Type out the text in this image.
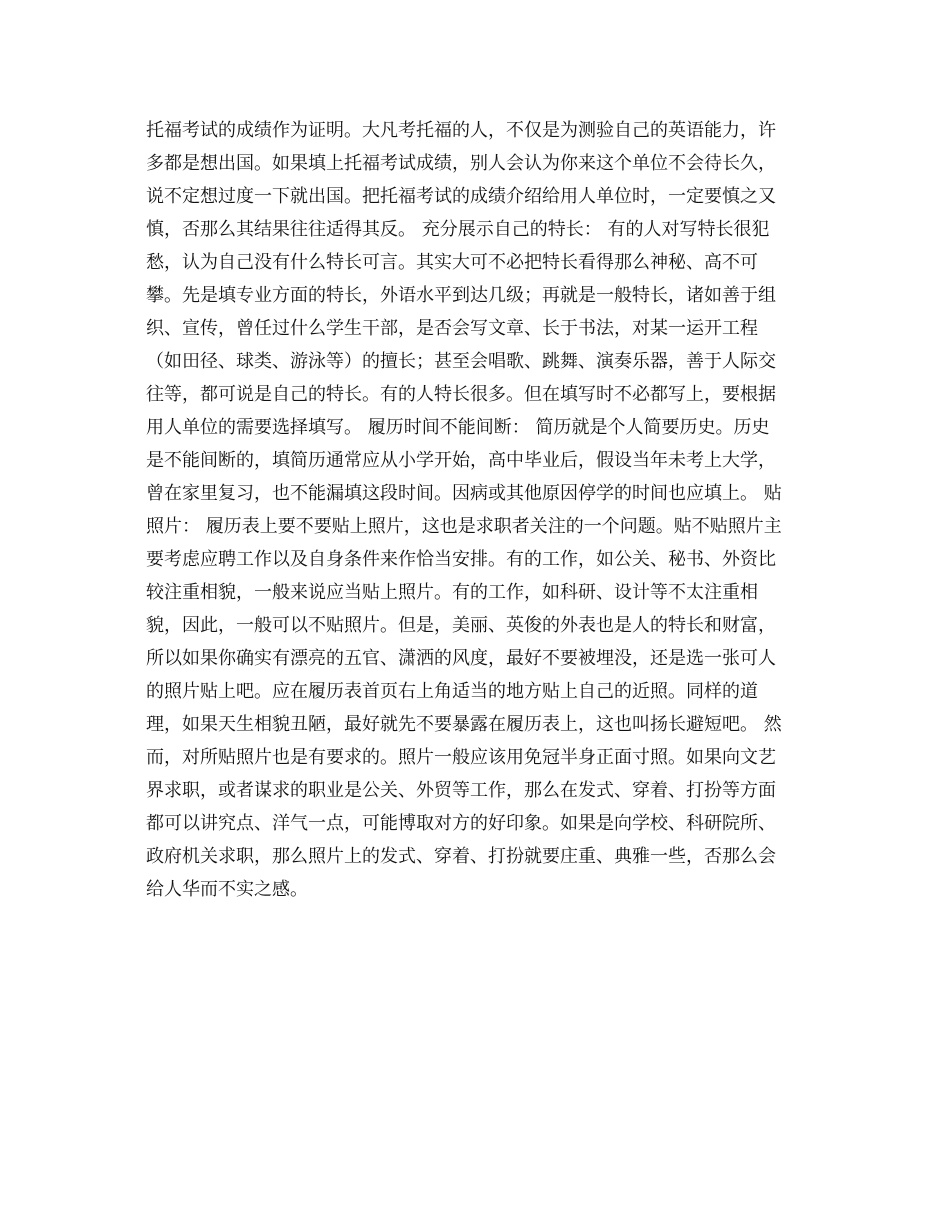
托福考试的成绩作为证明。大凡考托福的人，不仅是为测验自己的英语能力，许
多都是想出国。如果填上托福考试成绩，别人会认为你来这个单位不会待长久，
说不定想过度一下就出国。把托福考试的成绩介绍给用人单位时，一定要慎之又
慎，否那么其结果往往适得其反。 充分展示自己的特长： 有的人对写特长很犯
愁，认为自己没有什么特长可言。其实大可不必把特长看得那么神秘、高不可
攀。先是填专业方面的特长，外语水平到达几级；再就是一般特长，诸如善于组
织、宣传，曾任过什么学生干部，是否会写文章、长于书法，对某一运开工程
（如田径、球类、游泳等）的擅长；甚至会唱歌、跳舞、演奏乐器，善于人际交
往等，都可说是自己的特长。有的人特长很多。但在填写时不必都写上，要根据
用人单位的需要选择填写。 履历时间不能间断： 简历就是个人简要历史。历史
是不能间断的，填简历通常应从小学开始，高中毕业后，假设当年未考上大学，
曾在家里复习，也不能漏填这段时间。因病或其他原因停学的时间也应填上。 贴
照片： 履历表上要不要贴上照片，这也是求职者关注的一个问题。贴不贴照片主
要考虑应聘工作以及自身条件来作恰当安排。有的工作，如公关、秘书、外资比
较注重相貌，一般来说应当贴上照片。有的工作，如科研、设计等不太注重相
貌，因此，一般可以不贴照片。但是，美丽、英俊的外表也是人的特长和财富，
所以如果你确实有漂亮的五官、潇洒的风度，最好不要被埋没，还是选一张可人
的照片贴上吧。应在履历表首页右上角适当的地方贴上自己的近照。同样的道
理，如果天生相貌丑陋，最好就先不要暴露在履历表上，这也叫扬长避短吧。 然
而，对所贴照片也是有要求的。照片一般应该用免冠半身正面寸照。如果向文艺
界求职，或者谋求的职业是公关、外贸等工作，那么在发式、穿着、打扮等方面
都可以讲究点、洋气一点，可能博取对方的好印象。如果是向学校、科研院所、
政府机关求职，那么照片上的发式、穿着、打扮就要庄重、典雅一些，否那么会
给人华而不实之感。
